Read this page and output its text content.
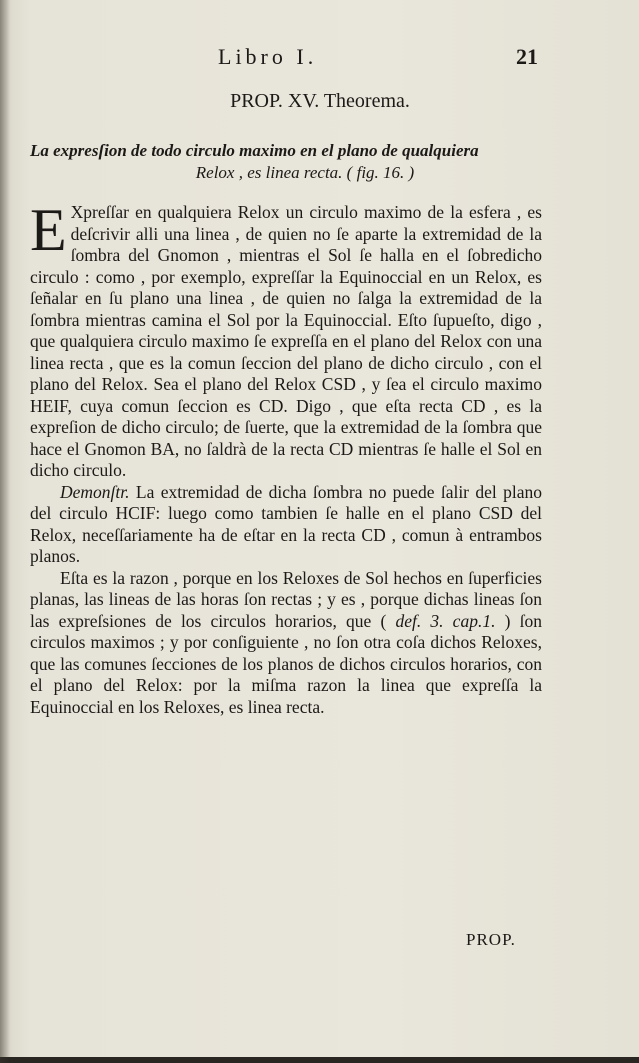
Libro I.	21
PROP. XV. Theorema.
La expresſion de todo circulo maximo en el plano de qualquiera
Relox , es linea recta. ( fig. 16. )

E Xpreſſar en qualquiera Relox un circulo maximo de la esfera , es deſcrivir alli una linea , de quien no ſe aparte la extremidad de la ſombra del Gnomon , mientras el Sol ſe halla en el ſobredicho circulo : como , por exemplo, expreſſar la Equinoccial en un Relox, es ſeñalar en ſu plano una linea , de quien no ſalga la extremidad de la ſombra mientras camina el Sol por la Equinoccial. Eſto ſupueſto, digo , que qualquiera circulo maximo ſe expreſſa en el plano del Relox con una linea recta , que es la comun ſeccion del plano de dicho circulo , con el plano del Relox. Sea el plano del Relox CSD , y ſea el circulo maximo HEIF, cuya comun ſeccion es CD. Digo , que eſta recta CD , es la expreſion de dicho circulo; de ſuerte, que la extremidad de la ſombra que hace el Gnomon BA, no ſaldrà de la recta CD mientras ſe halle el Sol en dicho circulo.

Demonſtr. La extremidad de dicha ſombra no puede ſalir del plano del circulo HCIF: luego como tambien ſe halle en el plano CSD del Relox, neceſſariamente ha de eſtar en la recta CD , comun à entrambos planos.

Eſta es la razon , porque en los Reloxes de Sol hechos en ſuperficies planas, las lineas de las horas ſon rectas ; y es , porque dichas lineas ſon las expreſsiones de los circulos horarios, que ( def. 3. cap.1. ) ſon circulos maximos ; y por conſiguiente , no ſon otra coſa dichos Reloxes, que las comunes ſecciones de los planos de dichos circulos horarios, con el plano del Relox: por la miſma razon la linea que expreſſa la Equinoccial en los Reloxes, es linea recta.

PROP.
